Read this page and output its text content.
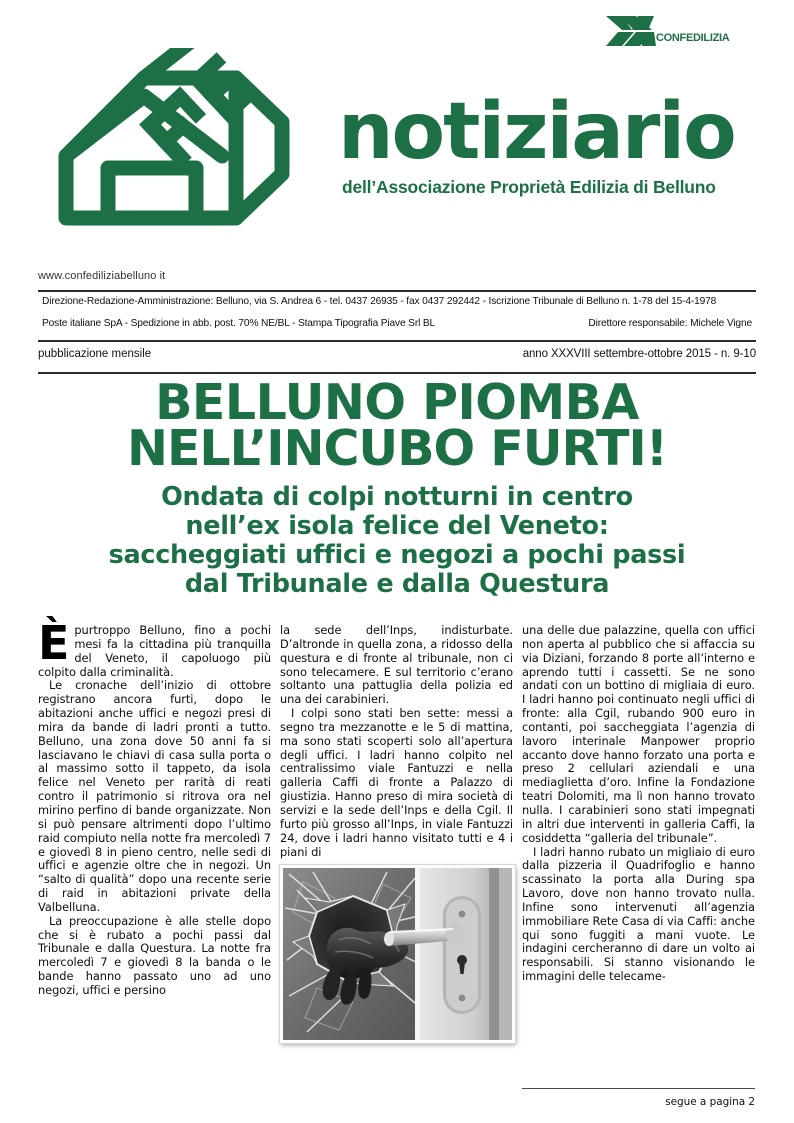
CONFEDILIZIA
notiziario
dell’Associazione Proprietà Edilizia di Belluno
www.confediliziabelluno it
Direzione-Redazione-Amministrazione: Belluno, via S. Andrea 6 - tel. 0437 26935 - fax 0437 292442 - Iscrizione Tribunale di Belluno n. 1-78 del 15-4-1978
Poste italiane SpA - Spedizione in abb. post. 70% NE/BL - Stampa Tipografia Piave Srl BL	Direttore responsabile: Michele Vigne
pubblicazione mensile	anno XXXVIII settembre-ottobre 2015 - n. 9-10
BELLUNO PIOMBA
NELL’INCUBO FURTI!
Ondata di colpi notturni in centro
nell’ex isola felice del Veneto:
saccheggiati uffici e negozi a pochi passi
dal Tribunale e dalla Questura

Èpurtroppo Belluno, fino a pochi mesi fa la cittadina più tranquilla del Veneto, il capoluogo più colpito dalla criminalità.

Le cronache dell’inizio di ottobre registrano ancora furti, dopo le abitazioni anche uffici e negozi presi di mira da bande di ladri pronti a tutto. Belluno, una zona dove 50 anni fa si lasciavano le chiavi di casa sulla porta o al massimo sotto il tappeto, da isola felice nel Veneto per rarità di reati contro il patrimonio si ritrova ora nel mirino perfino di bande organizzate. Non si può pensare altrimenti dopo l’ultimo raid compiuto nella notte fra mercoledì 7 e giovedì 8 in pieno centro, nelle sedi di uffici e agenzie oltre che in negozi. Un “salto di qualità” dopo una recente serie di raid in abitazioni private della Valbelluna.

La preoccupazione è alle stelle dopo che si è rubato a pochi passi dal Tribunale e dalla Questura. La notte fra mercoledì 7 e giovedì 8 la banda o le bande hanno passato uno ad uno negozi, uffici e persino

la sede dell’Inps, indisturbate. D’altronde in quella zona, a ridosso della questura e di fronte al tribunale, non ci sono telecamere. E sul territorio c’erano soltanto una pattuglia della polizia ed una dei carabinieri.

I colpi sono stati ben sette: messi a segno tra mezzanotte e le 5 di mattina, ma sono stati scoperti solo all’apertura degli uffici. I ladri hanno colpito nel centralissimo viale Fantuzzi e nella galleria Caffi di fronte a Palazzo di giustizia. Hanno preso di mira società di servizi e la sede dell’Inps e della Cgil. Il furto più grosso all’Inps, in viale Fantuzzi 24, dove i ladri hanno visitato tutti e 4 i piani di

una delle due palazzine, quella con uffici non aperta al pubblico che si affaccia su via Diziani, forzando 8 porte all’interno e aprendo tutti i cassetti. Se ne sono andati con un bottino di migliaia di euro. I ladri hanno poi continuato negli uffici di fronte: alla Cgil, rubando 900 euro in contanti, poi saccheggiata l’agenzia di lavoro interinale Manpower proprio accanto dove hanno forzato una porta e preso 2 cellulari aziendali e una mediaglietta d’oro. Infine la Fondazione teatri Dolomiti, ma lì non hanno trovato nulla. I carabinieri sono stati impegnati in altri due interventi in galleria Caffi, la cosiddetta “galleria del tribunale”.

I ladri hanno rubato un migliaio di euro dalla pizzeria il Quadrifoglio e hanno scassinato la porta alla During spa Lavoro, dove non hanno trovato nulla. Infine sono intervenuti all’agenzia immobiliare Rete Casa di via Caffi: anche qui sono fuggiti a mani vuote. Le indagini cercheranno di dare un volto ai responsabili. Si stanno visionando le immagini delle telecame-

segue a pagina 2
